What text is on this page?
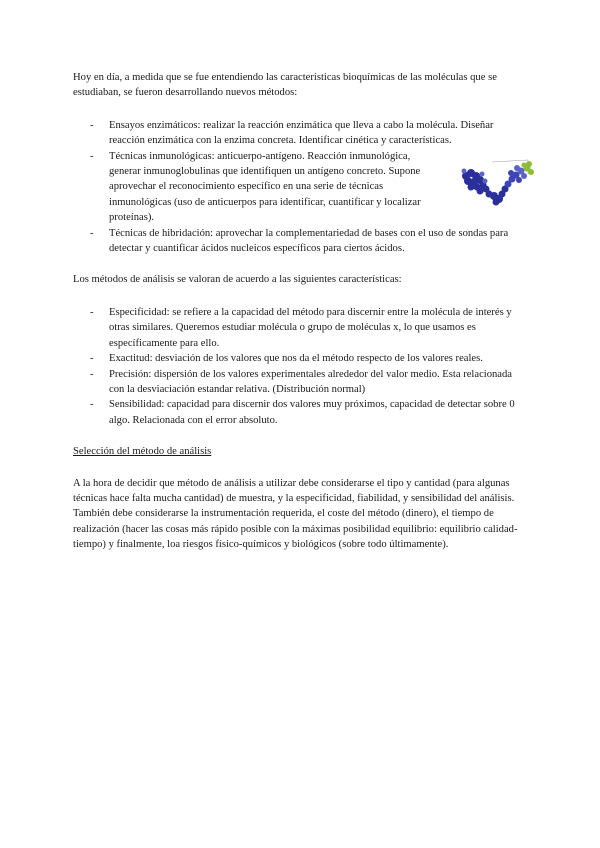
Hoy en día, a medida que se fue entendiendo las características bioquímicas de las moléculas que se estudiaban, se fueron desarrollando nuevos métodos:

- Ensayos enzimáticos: realizar la reacción enzimática que lleva a cabo la molécula. Diseñar reacción enzimática con la enzima concreta. Identificar cinética y características.
- Técnicas inmunológicas: anticuerpo-antígeno. Reacción inmunológica, generar inmunoglobulinas que identifiquen un antígeno concreto. Supone aprovechar el reconocimiento específico en una serie de técnicas inmunológicas (uso de anticuerpos para identificar, cuantificar y localizar proteínas).
- Técnicas de hibridación: aprovechar la complementariedad de bases con el uso de sondas para detectar y cuantificar ácidos nucleicos específicos para ciertos ácidos.

Los métodos de análisis se valoran de acuerdo a las siguientes características:

- Especificidad: se refiere a la capacidad del método para discernir entre la molécula de interés y otras similares. Queremos estudiar molécula o grupo de moléculas x, lo que usamos es específicamente para ello.
- Exactitud: desviación de los valores que nos da el método respecto de los valores reales.
- Precisión: dispersión de los valores experimentales alrededor del valor medio. Esta relacionada con la desviaciación estandar relativa. (Distribución normal)
- Sensibilidad: capacidad para discernir dos valores muy próximos, capacidad de detectar sobre 0 algo. Relacionada con el error absoluto.

Selección del método de análisis

A la hora de decidir que método de análisis a utilizar debe considerarse el tipo y cantidad (para algunas técnicas hace falta mucha cantidad) de muestra, y la especificidad, fiabilidad, y sensibilidad del análisis. También debe considerarse la instrumentación requerida, el coste del método (dinero), el tiempo de realización (hacer las cosas más rápido posible con la máximas posibilidad equilibrio: equilibrio calidad-tiempo) y finalmente, loa riesgos físico-químicos y biológicos (sobre todo últimamente).
